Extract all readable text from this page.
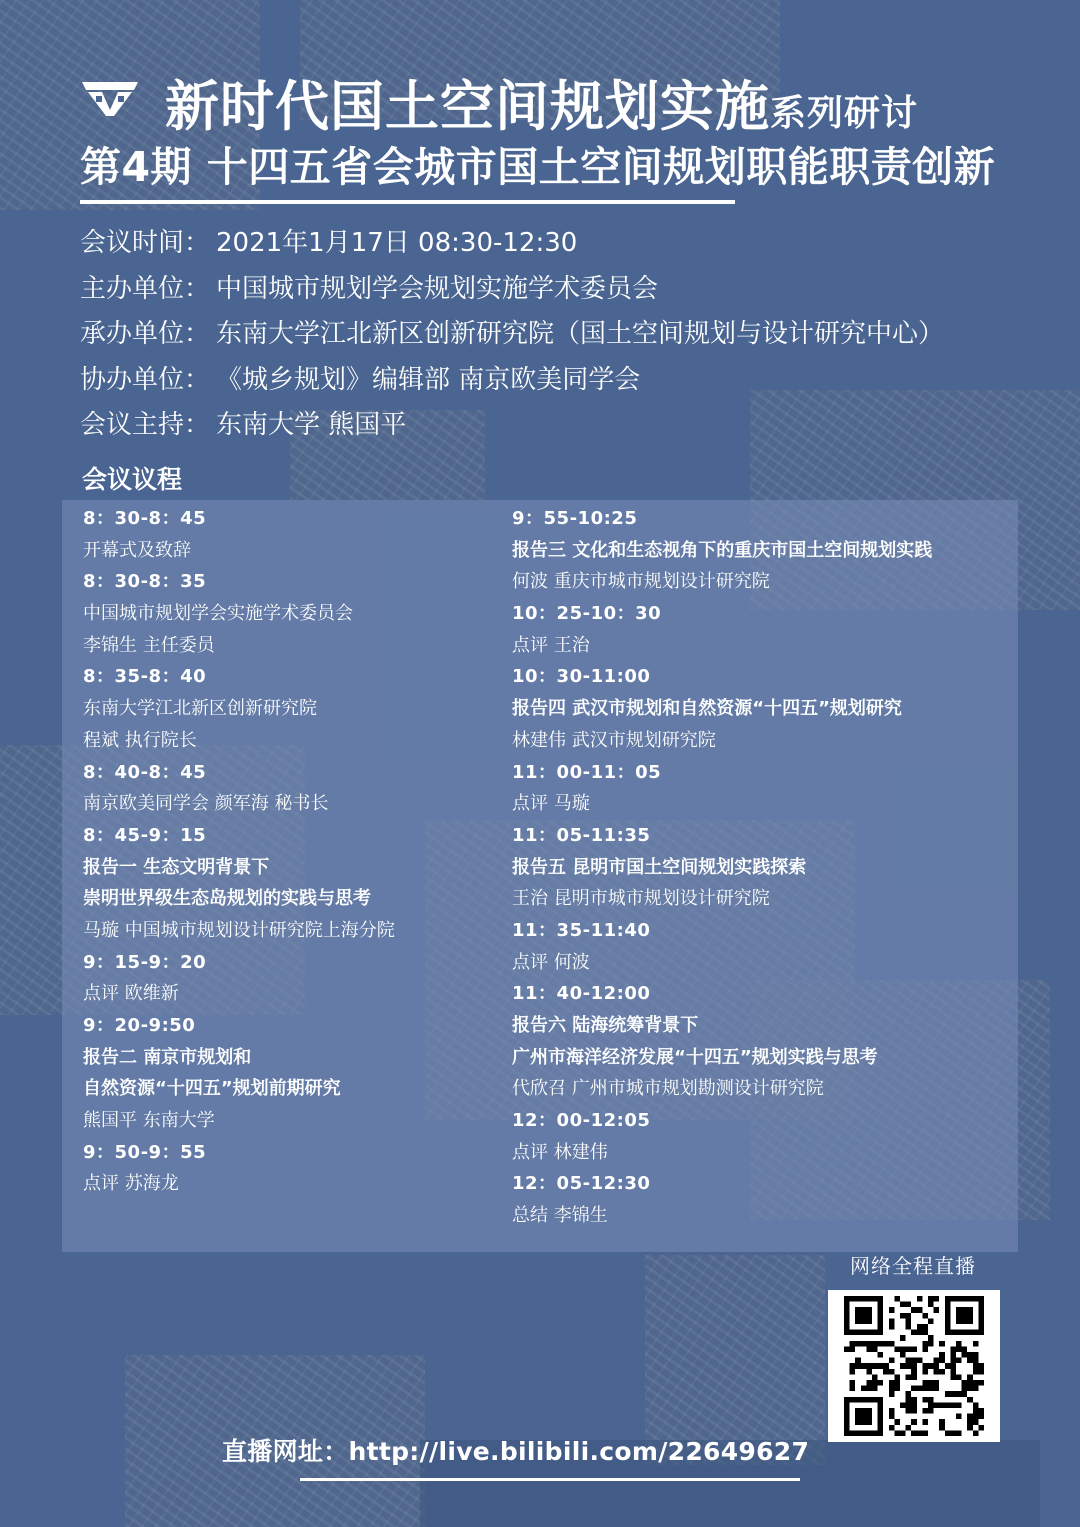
新时代国土空间规划实施系列研讨
第4期 十四五省会城市国土空间规划职能职责创新
会议时间： 2021年1月17日 08:30-12:30
主办单位： 中国城市规划学会规划实施学术委员会
承办单位： 东南大学江北新区创新研究院（国土空间规划与设计研究中心）
协办单位： 《城乡规划》编辑部 南京欧美同学会
会议主持： 东南大学 熊国平
会议议程
8：30-8：45
开幕式及致辞
8：30-8：35
中国城市规划学会实施学术委员会
李锦生 主任委员
8：35-8：40
东南大学江北新区创新研究院
程斌 执行院长
8：40-8：45
南京欧美同学会 颜军海 秘书长
8：45-9：15
报告一 生态文明背景下
崇明世界级生态岛规划的实践与思考
马璇 中国城市规划设计研究院上海分院
9：15-9：20
点评 欧维新
9：20-9:50
报告二 南京市规划和
自然资源“十四五”规划前期研究
熊国平 东南大学
9：50-9：55
点评 苏海龙
9：55-10:25
报告三 文化和生态视角下的重庆市国土空间规划实践
何波 重庆市城市规划设计研究院
10：25-10：30
点评 王治
10：30-11:00
报告四 武汉市规划和自然资源“十四五”规划研究
林建伟 武汉市规划研究院
11：00-11：05
点评 马璇
11：05-11:35
报告五 昆明市国土空间规划实践探索
王治 昆明市城市规划设计研究院
11：35-11:40
点评 何波
11：40-12:00
报告六 陆海统筹背景下
广州市海洋经济发展“十四五”规划实践与思考
代欣召 广州市城市规划勘测设计研究院
12：00-12:05
点评 林建伟
12：05-12:30
总结 李锦生
网络全程直播
直播网址：http://live.bilibili.com/22649627
